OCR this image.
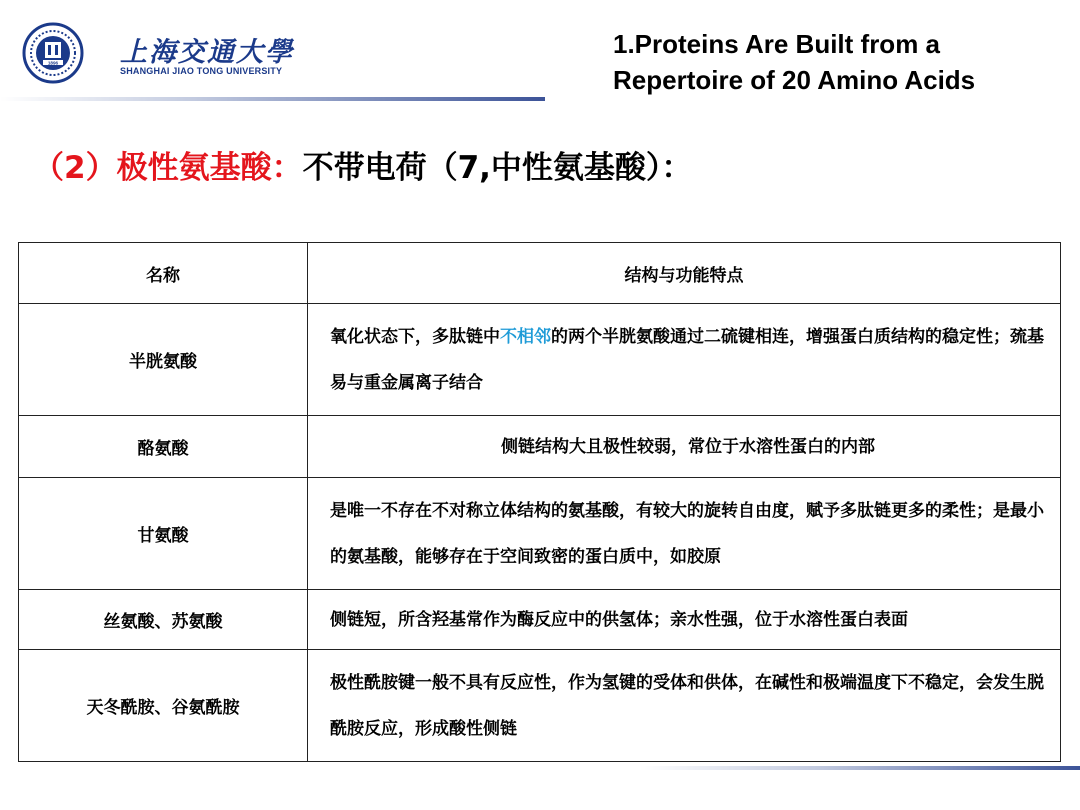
1896 上海交通大學
SHANGHAI JIAO TONG UNIVERSITY
1.Proteins Are Built from a
Repertoire of 20 Amino Acids
（2）极性氨基酸：不带电荷（7,中性氨基酸）：
名称	结构与功能特点
半胱氨酸	氧化状态下，多肽链中不相邻的两个半胱氨酸通过二硫键相连，增强蛋白质结构的稳定性；巯基易与重金属离子结合
酪氨酸	侧链结构大且极性较弱，常位于水溶性蛋白的内部
甘氨酸	是唯一不存在不对称立体结构的氨基酸，有较大的旋转自由度，赋予多肽链更多的柔性；是最小的氨基酸，能够存在于空间致密的蛋白质中，如胶原
丝氨酸、苏氨酸	侧链短，所含羟基常作为酶反应中的供氢体；亲水性强，位于水溶性蛋白表面
天冬酰胺、谷氨酰胺	极性酰胺键一般不具有反应性，作为氢键的受体和供体，在碱性和极端温度下不稳定，会发生脱酰胺反应，形成酸性侧链
